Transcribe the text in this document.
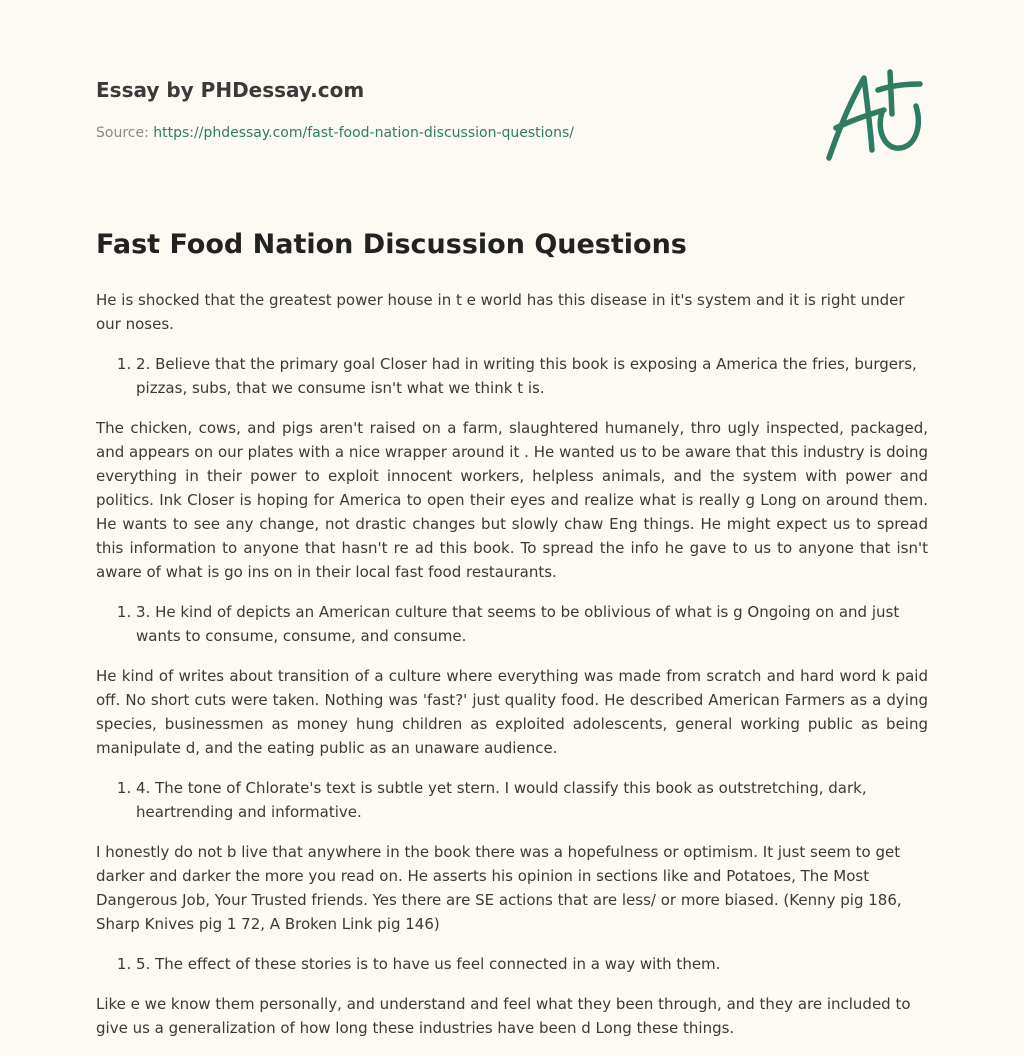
Essay by PHDessay.com

Source: https://phdessay.com/fast-food-nation-discussion-questions/
Fast Food Nation Discussion Questions

He is shocked that the greatest power house in t e world has this disease in it's system and it is right under our noses.

1. 2. Believe that the primary goal Closer had in writing this book is exposing a America the fries, burgers, pizzas, subs, that we consume isn't what we think t is.

The chicken, cows, and pigs aren't raised on a farm, slaughtered humanely, thro ugly inspected, packaged, and appears on our plates with a nice wrapper around it . He wanted us to be aware that this industry is doing everything in their power to exploit innocent workers, helpless animals, and the system with power and politics. Ink Closer is hoping for America to open their eyes and realize what is really g Long on around them. He wants to see any change, not drastic changes but slowly chaw Eng things. He might expect us to spread this information to anyone that hasn't re ad this book. To spread the info he gave to us to anyone that isn't aware of what is go ins on in their local fast food restaurants.

1. 3. He kind of depicts an American culture that seems to be oblivious of what is g Ongoing on and just wants to consume, consume, and consume.

He kind of writes about transition of a culture where everything was made from scratch and hard word k paid off. No short cuts were taken. Nothing was 'fast?' just quality food. He described American Farmers as a dying species, businessmen as money hung children as exploited adolescents, general working public as being manipulate d, and the eating public as an unaware audience.

1. 4. The tone of Chlorate's text is subtle yet stern. I would classify this book as outstretching, dark, heartrending and informative.

I honestly do not b live that anywhere in the book there was a hopefulness or optimism. It just seem to get darker and darker the more you read on. He asserts his opinion in sections like and Potatoes, The Most Dangerous Job, Your Trusted friends. Yes there are SE actions that are less/ or more biased. (Kenny pig 186, Sharp Knives pig 1 72, A Broken Link pig 146)

1. 5. The effect of these stories is to have us feel connected in a way with them.

Like e we know them personally, and understand and feel what they been through, and they are included to give us a generalization of how long these industries have been d Long these things.
